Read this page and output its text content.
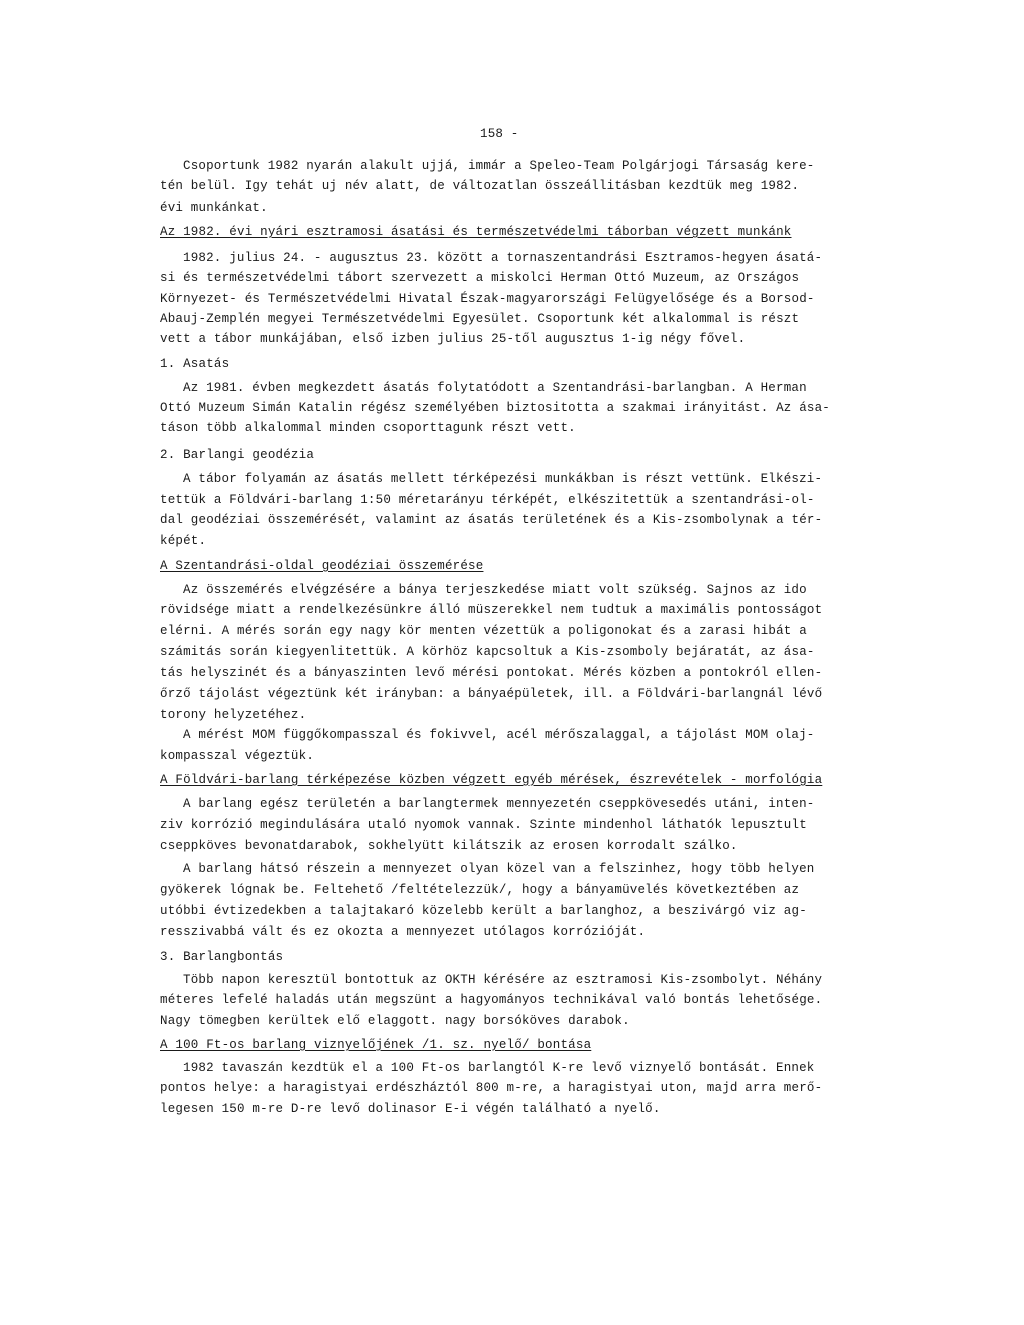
158 -
Csoportunk 1982 nyarán alakult ujjá, immár a Speleo-Team Polgárjogi Társaság kere-
tén belül. Igy tehát uj név alatt, de változatlan összeállitásban kezdtük meg 1982.
évi munkánkat.
Az 1982. évi nyári esztramosi ásatási és természetvédelmi táborban végzett munkánk
1982. julius 24. - augusztus 23. között a tornaszentandrási Esztramos-hegyen ásatá-
si és természetvédelmi tábort szervezett a miskolci Herman Ottó Muzeum, az Országos
Környezet- és Természetvédelmi Hivatal Észak-magyarországi Felügyelősége és a Borsod-
Abauj-Zemplén megyei Természetvédelmi Egyesület. Csoportunk két alkalommal is részt
vett a tábor munkájában, első izben julius 25-től augusztus 1-ig négy fővel.
1. Asatás
Az 1981. évben megkezdett ásatás folytatódott a Szentandrási-barlangban. A Herman
Ottó Muzeum Simán Katalin régész személyében biztositotta a szakmai irányitást. Az ása-
táson több alkalommal minden csoporttagunk részt vett.
2. Barlangi geodézia
A tábor folyamán az ásatás mellett térképezési munkákban is részt vettünk. Elkészi-
tettük a Földvári-barlang 1:50 méretarányu térképét, elkészitettük a szentandrási-ol-
dal geodéziai összemérését, valamint az ásatás területének és a Kis-zsombolynak a tér-
képét.
A Szentandrási-oldal geodéziai összemérése
Az összemérés elvégzésére a bánya terjeszkedése miatt volt szükség. Sajnos az ido
rövidsége miatt a rendelkezésünkre álló müszerekkel nem tudtuk a maximális pontosságot
elérni. A mérés során egy nagy kör menten vézettük a poligonokat és a zarasi hibát a
számitás során kiegyenlitettük. A körhöz kapcsoltuk a Kis-zsomboly bejáratát, az ása-
tás helyszinét és a bányaszinten levő mérési pontokat. Mérés közben a pontokról ellen-
őrző tájolást végeztünk két irányban: a bányaépületek, ill. a Földvári-barlangnál lévő
torony helyzetéhez.
A mérést MOM függőkompasszal és fokivvel, acél mérőszalaggal, a tájolást MOM olaj-
kompasszal végeztük.
A Földvári-barlang térképezése közben végzett egyéb mérések, észrevételek - morfológia
A barlang egész területén a barlangtermek mennyezetén cseppkövesedés utáni, inten-
ziv korrózió megindulására utaló nyomok vannak. Szinte mindenhol láthatók lepusztult
cseppköves bevonatdarabok, sokhelyütt kilátszik az erosen korrodalt szálko.
A barlang hátsó részein a mennyezet olyan közel van a felszinhez, hogy több helyen
gyökerek lógnak be. Feltehető /feltételezzük/, hogy a bányamüvelés következtében az
utóbbi évtizedekben a talajtakaró közelebb került a barlanghoz, a beszivárgó viz ag-
resszivabbá vált és ez okozta a mennyezet utólagos korrózióját.
3. Barlangbontás
Több napon keresztül bontottuk az OKTH kérésére az esztramosi Kis-zsombolyt. Néhány
méteres lefelé haladás után megszünt a hagyományos technikával való bontás lehetősége.
Nagy tömegben kerültek elő elaggott. nagy borsóköves darabok.
A 100 Ft-os barlang viznyelőjének /1. sz. nyelő/ bontása
1982 tavaszán kezdtük el a 100 Ft-os barlangtól K-re levő viznyelő bontását. Ennek
pontos helye: a haragistyai erdészháztól 800 m-re, a haragistyai uton, majd arra merő-
legesen 150 m-re D-re levő dolinasor E-i végén található a nyelő.
